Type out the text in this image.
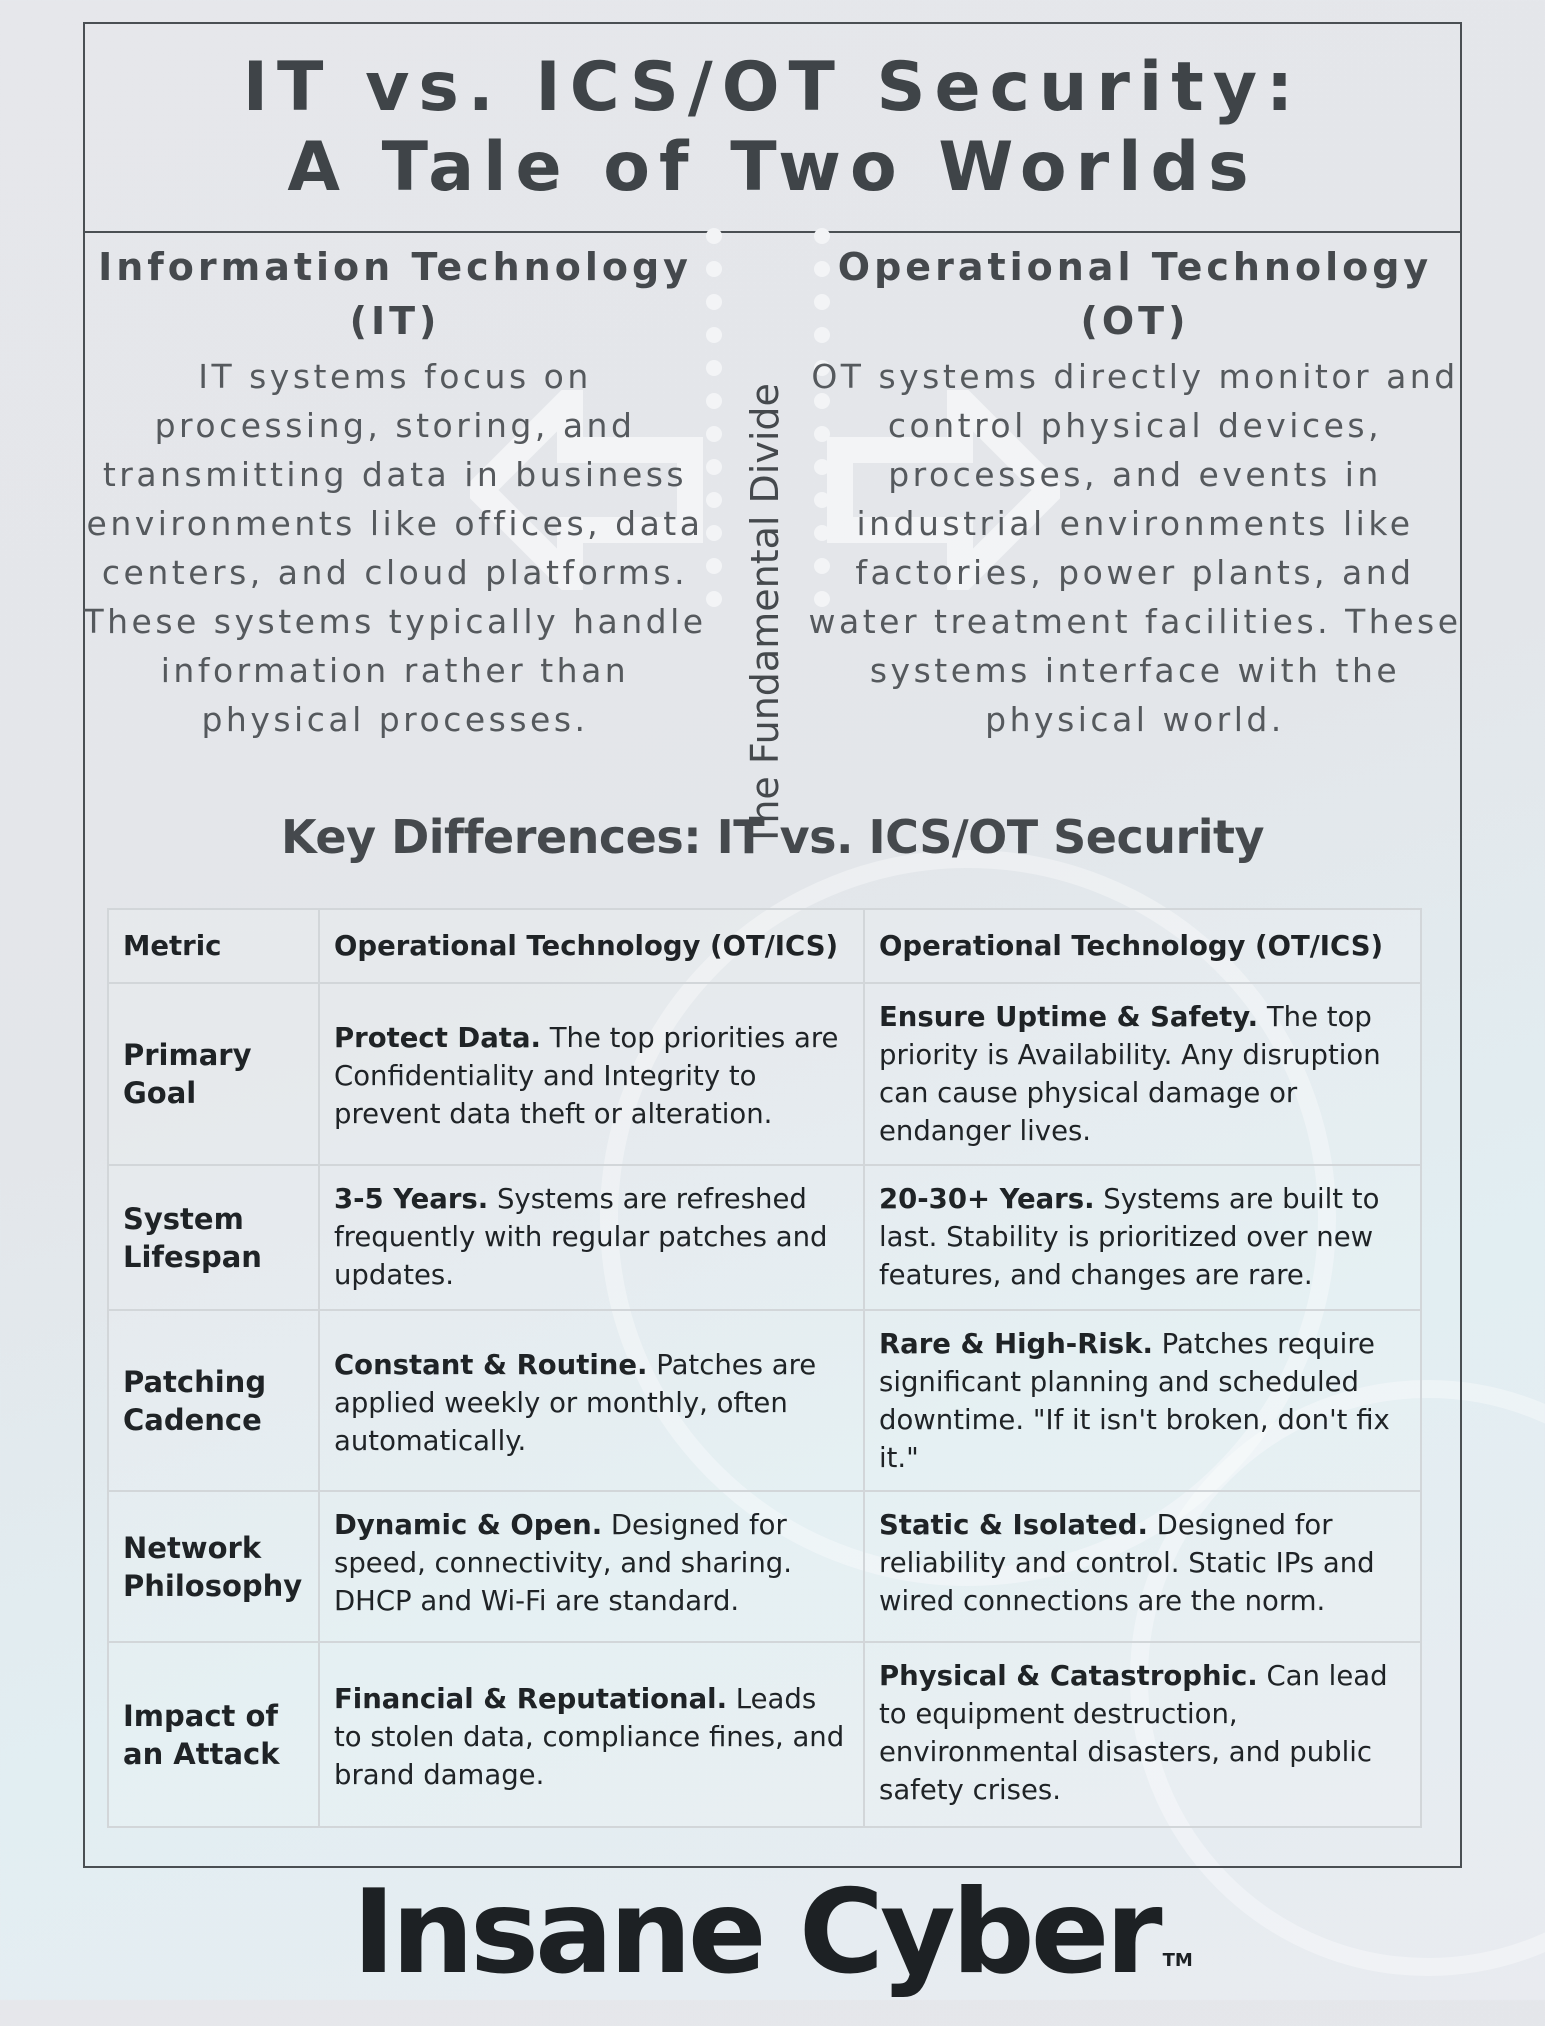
IT vs. ICS/OT Security:
A Tale of Two Worlds
Information Technology
(IT)
IT systems focus on
processing, storing, and
transmitting data in business
environments like offices, data
centers, and cloud platforms.
These systems typically handle
information rather than
physical processes.	The Fundamental Divide
Operational Technology
(OT)
OT systems directly monitor and
control physical devices,
processes, and events in
industrial environments like
factories, power plants, and
water treatment facilities. These
systems interface with the
physical world.
Key Differences: IT vs. ICS/OT Security
Metric	Operational Technology (OT/ICS)	Operational Technology (OT/ICS)
Primary Goal	Protect Data. The top priorities are Confidentiality and Integrity to prevent data theft or alteration.	Ensure Uptime & Safety. The top priority is Availability. Any disruption can cause physical damage or endanger lives.
System Lifespan	3-5 Years. Systems are refreshed frequently with regular patches and updates.	20-30+ Years. Systems are built to last. Stability is prioritized over new features, and changes are rare.
Patching Cadence	Constant & Routine. Patches are applied weekly or monthly, often automatically.	Rare & High-Risk. Patches require significant planning and scheduled downtime. "If it isn't broken, don't fix it."
Network Philosophy	Dynamic & Open. Designed for speed, connectivity, and sharing. DHCP and Wi-Fi are standard.	Static & Isolated. Designed for reliability and control. Static IPs and wired connections are the norm.
Impact of an Attack	Financial & Reputational. Leads to stolen data, compliance fines, and brand damage.	Physical & Catastrophic. Can lead to equipment destruction, environmental disasters, and public safety crises.
Insane Cyber TM
